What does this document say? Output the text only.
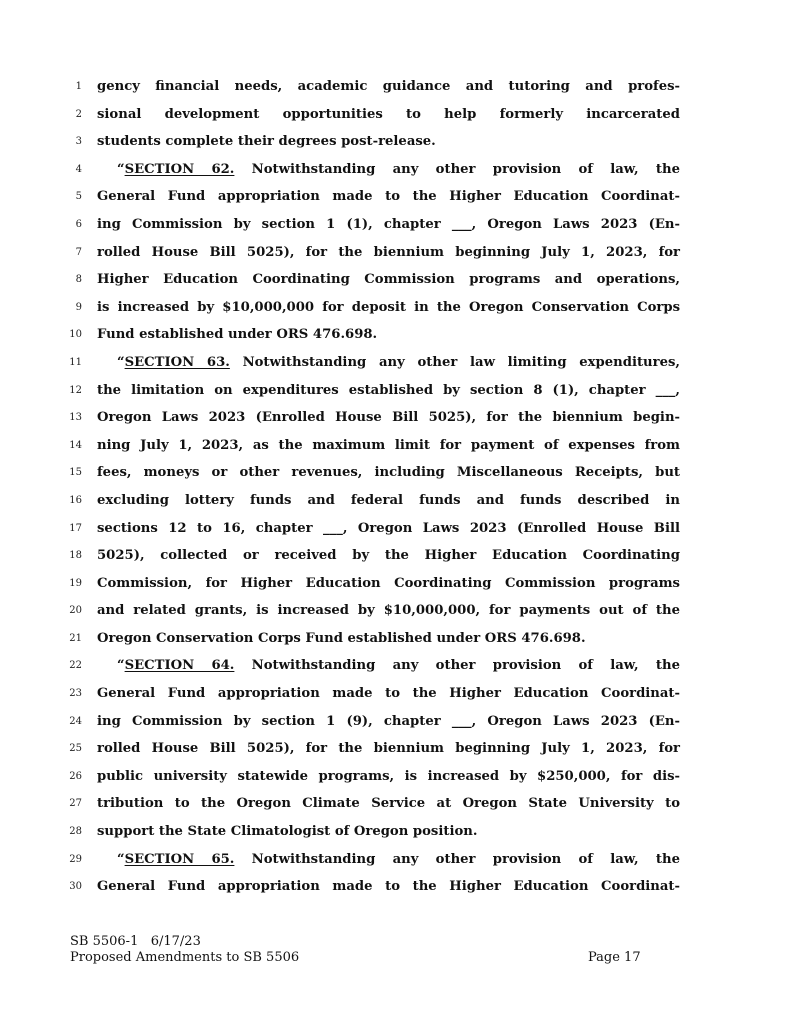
1 gency financial needs, academic guidance and tutoring and profes-
2 sional development opportunities to help formerly incarcerated
3 students complete their degrees post-release.
4	“SECTION 62. Notwithstanding any other provision of law, the
5 General Fund appropriation made to the Higher Education Coordinat-
6 ing Commission by section 1 (1), chapter ___, Oregon Laws 2023 (En-
7 rolled House Bill 5025), for the biennium beginning July 1, 2023, for
8 Higher Education Coordinating Commission programs and operations,
9 is increased by $10,000,000 for deposit in the Oregon Conservation Corps
10 Fund established under ORS 476.698.
11	“SECTION 63. Notwithstanding any other law limiting expenditures,
12 the limitation on expenditures established by section 8 (1), chapter ___,
13 Oregon Laws 2023 (Enrolled House Bill 5025), for the biennium begin-
14 ning July 1, 2023, as the maximum limit for payment of expenses from
15 fees, moneys or other revenues, including Miscellaneous Receipts, but
16 excluding lottery funds and federal funds and funds described in
17 sections 12 to 16, chapter ___, Oregon Laws 2023 (Enrolled House Bill
18 5025), collected or received by the Higher Education Coordinating
19 Commission, for Higher Education Coordinating Commission programs
20 and related grants, is increased by $10,000,000, for payments out of the
21 Oregon Conservation Corps Fund established under ORS 476.698.
22	“SECTION 64. Notwithstanding any other provision of law, the
23 General Fund appropriation made to the Higher Education Coordinat-
24 ing Commission by section 1 (9), chapter ___, Oregon Laws 2023 (En-
25 rolled House Bill 5025), for the biennium beginning July 1, 2023, for
26 public university statewide programs, is increased by $250,000, for dis-
27 tribution to the Oregon Climate Service at Oregon State University to
28 support the State Climatologist of Oregon position.
29	“SECTION 65. Notwithstanding any other provision of law, the
30 General Fund appropriation made to the Higher Education Coordinat-
SB 5506-1   6/17/23
Proposed Amendments to SB 5506	Page 17
